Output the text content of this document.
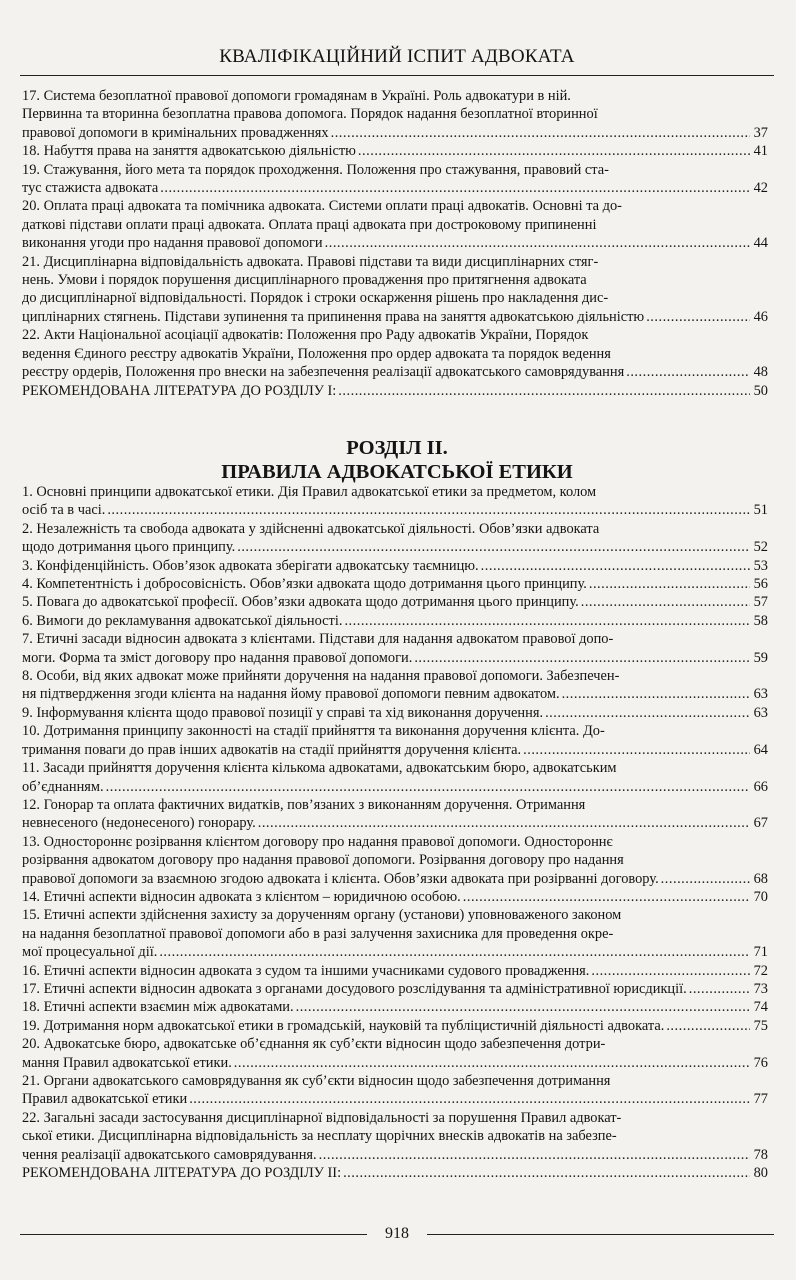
КВАЛІФІКАЦІЙНИЙ ІСПИТ АДВОКАТА
17. Система безоплатної правової допомоги громадянам в Україні. Роль адвокатури в ній.
Первинна та вторинна безоплатна правова допомога. Порядок надання безоплатної вторинної
правової допомоги в кримінальних провадженнях .....	37
18. Набуття права на заняття адвокатською діяльністю .....	41
19. Стажування, його мета та порядок проходження. Положення про стажування, правовий ста-
тус стажиста адвоката .....	42
20. Оплата праці адвоката та помічника адвоката. Системи оплати праці адвокатів. Основні та до-
даткові підстави оплати праці адвоката. Оплата праці адвоката при достроковому припиненні
виконання угоди про надання правової допомоги .....	44
21. Дисциплінарна відповідальність адвоката. Правові підстави та види дисциплінарних стяг-
нень. Умови і порядок порушення дисциплінарного провадження про притягнення адвоката
до дисциплінарної відповідальності. Порядок і строки оскарження рішень про накладення дис-
циплінарних стягнень. Підстави зупинення та припинення права на заняття адвокатською діяльністю .....	46
22. Акти Національної асоціації адвокатів: Положення про Раду адвокатів України, Порядок
ведення Єдиного реєстру адвокатів України, Положення про ордер адвоката та порядок ведення
реєстру ордерів, Положення про внески на забезпечення реалізації адвокатського самоврядування .....	48
РЕКОМЕНДОВАНА ЛІТЕРАТУРА ДО РОЗДІЛУ I: .....	50
РОЗДІЛ II.
ПРАВИЛА АДВОКАТСЬКОЇ ЕТИКИ
1. Основні принципи адвокатської етики. Дія Правил адвокатської етики за предметом, колом
осіб та в часі. .....	51
2. Незалежність та свобода адвоката у здійсненні адвокатської діяльності. Обов’язки адвоката
щодо дотримання цього принципу. .....	52
3. Конфіденційність. Обов’язок адвоката зберігати адвокатську таємницю. .....	53
4. Компетентність і добросовісність. Обов’язки адвоката щодо дотримання цього принципу. .....	56
5. Повага до адвокатської професії. Обов’язки адвоката щодо дотримання цього принципу. .....	57
6. Вимоги до рекламування адвокатської діяльності. .....	58
7. Етичні засади відносин адвоката з клієнтами. Підстави для надання адвокатом правової допо-
моги. Форма та зміст договору про надання правової допомоги. .....	59
8. Особи, від яких адвокат може прийняти доручення на надання правової допомоги. Забезпечен-
ня підтвердження згоди клієнта на надання йому правової допомоги певним адвокатом. .....	63
9. Інформування клієнта щодо правової позиції у справі та хід виконання доручення. .....	63
10. Дотримання принципу законності на стадії прийняття та виконання доручення клієнта. До-
тримання поваги до прав інших адвокатів на стадії прийняття доручення клієнта. .....	64
11. Засади прийняття доручення клієнта кількома адвокатами, адвокатським бюро, адвокатським
об’єднанням. .....	66
12. Гонорар та оплата фактичних видатків, пов’язаних з виконанням доручення. Отримання
невнесеного (недонесеного) гонорару. .....	67
13. Одностороннє розірвання клієнтом договору про надання правової допомоги. Одностороннє
розірвання адвокатом договору про надання правової допомоги. Розірвання договору про надання
правової допомоги за взаємною згодою адвоката і клієнта. Обов’язки адвоката при розірванні договору. .....	68
14. Етичні аспекти відносин адвоката з клієнтом – юридичною особою. .....	70
15. Етичні аспекти здійснення захисту за дорученням органу (установи) уповноваженого законом
на надання безоплатної правової допомоги або в разі залучення захисника для проведення окре-
мої процесуальної дії. .....	71
16. Етичні аспекти відносин адвоката з судом та іншими учасниками судового провадження. .....	72
17. Етичні аспекти відносин адвоката з органами досудового розслідування та адміністративної юрисдикції. .....	73
18. Етичні аспекти взаємин між адвокатами. .....	74
19. Дотримання норм адвокатської етики в громадській, науковій та публіцистичній діяльності адвоката. .....	75
20. Адвокатське бюро, адвокатське об’єднання як суб’єкти відносин щодо забезпечення дотри-
мання Правил адвокатської етики. .....	76
21. Органи адвокатського самоврядування як суб’єкти відносин щодо забезпечення дотримання
Правил адвокатської етики .....	77
22. Загальні засади застосування дисциплінарної відповідальності за порушення Правил адвокат-
ської етики. Дисциплінарна відповідальність за несплату щорічних внесків адвокатів на забезпе-
чення реалізації адвокатського самоврядування. .....	78
РЕКОМЕНДОВАНА ЛІТЕРАТУРА ДО РОЗДІЛУ II: .....	80
918
